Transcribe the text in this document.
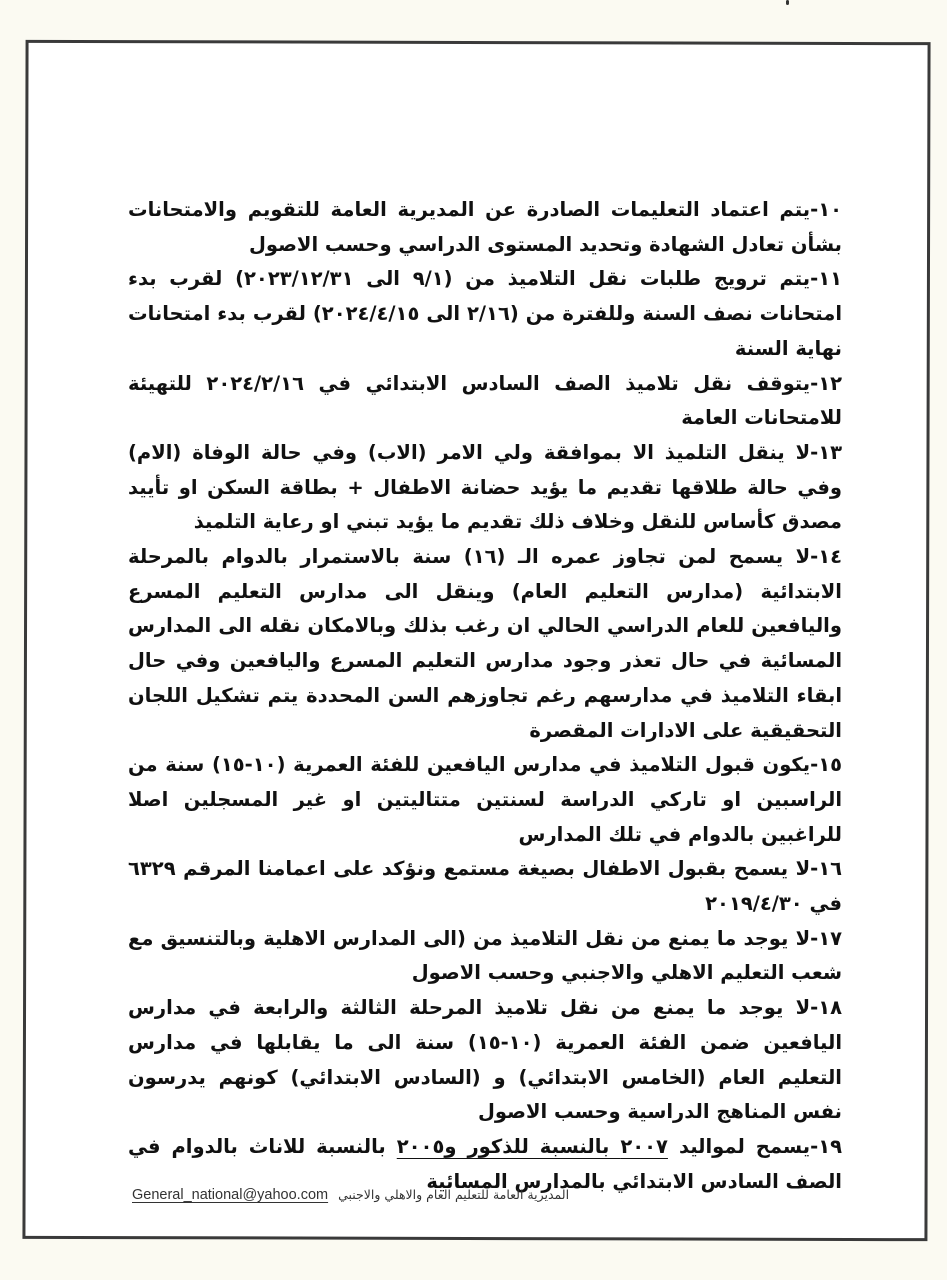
١٠-يتم اعتماد التعليمات الصادرة عن المديرية العامة للتقويم والامتحانات بشأن تعادل الشهادة وتحديد المستوى الدراسي وحسب الاصول

١١-يتم ترويج طلبات نقل التلاميذ من (٩/١ الى ٢٠٢٣/١٢/٣١) لقرب بدء امتحانات نصف السنة وللفترة من (٢/١٦ الى ٢٠٢٤/٤/١٥) لقرب بدء امتحانات نهاية السنة

١٢-يتوقف نقل تلاميذ الصف السادس الابتدائي في ٢٠٢٤/٢/١٦ للتهيئة للامتحانات العامة

١٣-لا ينقل التلميذ الا بموافقة ولي الامر (الاب) وفي حالة الوفاة (الام) وفي حالة طلاقها تقديم ما يؤيد حضانة الاطفال + بطاقة السكن او تأييد مصدق كأساس للنقل وخلاف ذلك تقديم ما يؤيد تبني او رعاية التلميذ

١٤-لا يسمح لمن تجاوز عمره الـ (١٦) سنة بالاستمرار بالدوام بالمرحلة الابتدائية (مدارس التعليم العام) وينقل الى مدارس التعليم المسرع واليافعين للعام الدراسي الحالي ان رغب بذلك وبالامكان نقله الى المدارس المسائية في حال تعذر وجود مدارس التعليم المسرع واليافعين وفي حال ابقاء التلاميذ في مدارسهم رغم تجاوزهم السن المحددة يتم تشكيل اللجان التحقيقية على الادارات المقصرة

١٥-يكون قبول التلاميذ في مدارس اليافعين للفئة العمرية (١٠-١٥) سنة من الراسبين او تاركي الدراسة لسنتين متتاليتين او غير المسجلين اصلا للراغبين بالدوام في تلك المدارس

١٦-لا يسمح بقبول الاطفال بصيغة مستمع ونؤكد على اعمامنا المرقم ٦٣٢٩ في ٢٠١٩/٤/٣٠

١٧-لا يوجد ما يمنع من نقل التلاميذ من (الى المدارس الاهلية وبالتنسيق مع شعب التعليم الاهلي والاجنبي وحسب الاصول

١٨-لا يوجد ما يمنع من نقل تلاميذ المرحلة الثالثة والرابعة في مدارس اليافعين ضمن الفئة العمرية (١٠-١٥) سنة الى ما يقابلها في مدارس التعليم العام (الخامس الابتدائي) و (السادس الابتدائي) كونهم يدرسون نفس المناهج الدراسية وحسب الاصول

١٩-يسمح لمواليد ٢٠٠٧ بالنسبة للذكور و٢٠٠٥ بالنسبة للاناث بالدوام في الصف السادس الابتدائي بالمدارس المسائية

General_national@yahoo.com المديرية العامة للتعليم العام والاهلي والاجنبي
